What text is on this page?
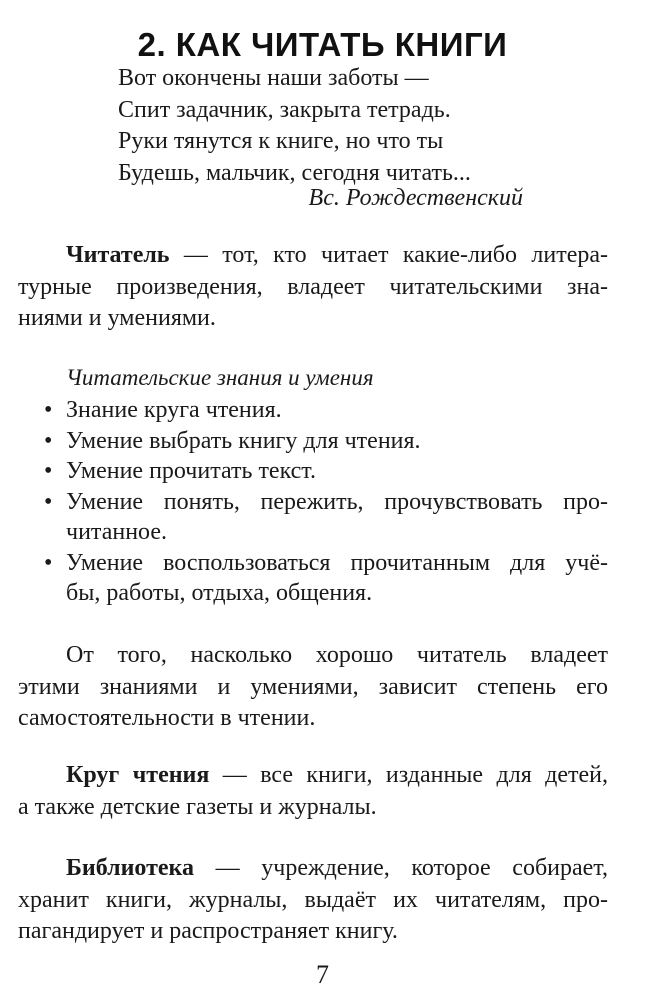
2. КАК ЧИТАТЬ КНИГИ
Вот окончены наши заботы —
Спит задачник, закрыта тетрадь.
Руки тянутся к книге, но что ты
Будешь, мальчик, сегодня читать...
Вс. Рождественский
Читатель — тот, кто читает какие-либо литера-
турные произведения, владеет читательскими зна-
ниями и умениями.
Читательские знания и умения
• Знание круга чтения.
• Умение выбрать книгу для чтения.
• Умение прочитать текст.
• Умение понять, пережить, прочувствовать про-
читанное.
• Умение воспользоваться прочитанным для учё-
бы, работы, отдыха, общения.
От того, насколько хорошо читатель владеет
этими знаниями и умениями, зависит степень его
самостоятельности в чтении.
Круг чтения — все книги, изданные для детей,
а также детские газеты и журналы.
Библиотека — учреждение, которое собирает,
хранит книги, журналы, выдаёт их читателям, про-
пагандирует и распространяет книгу.
7
